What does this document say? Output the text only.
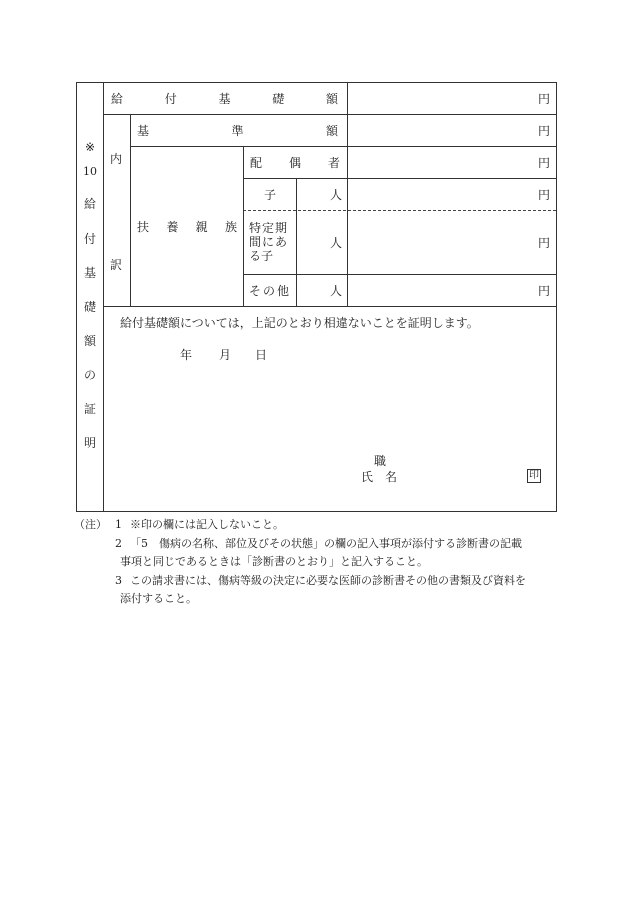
※
10
給
付
基
礎
額
の
証
明
内
訳
給	付	基	礎	額	円
基	準	額	円
扶 養 親 族
配 偶 者	円
子	人	円
特定期
間にあ
る子
人	円
その他	人	円
給付基礎額については，上記のとおり相違ないことを証明します。
年 月 日
職
氏　名	印
（注） 1 ※印の欄には記入しないこと。
2 「5　傷病の名称、部位及びその状態」の欄の記入事項が添付する診断書の記載
事項と同じであるときは「診断書のとおり」と記入すること。
3 この請求書には、傷病等級の決定に必要な医師の診断書その他の書類及び資料を
添付すること。
